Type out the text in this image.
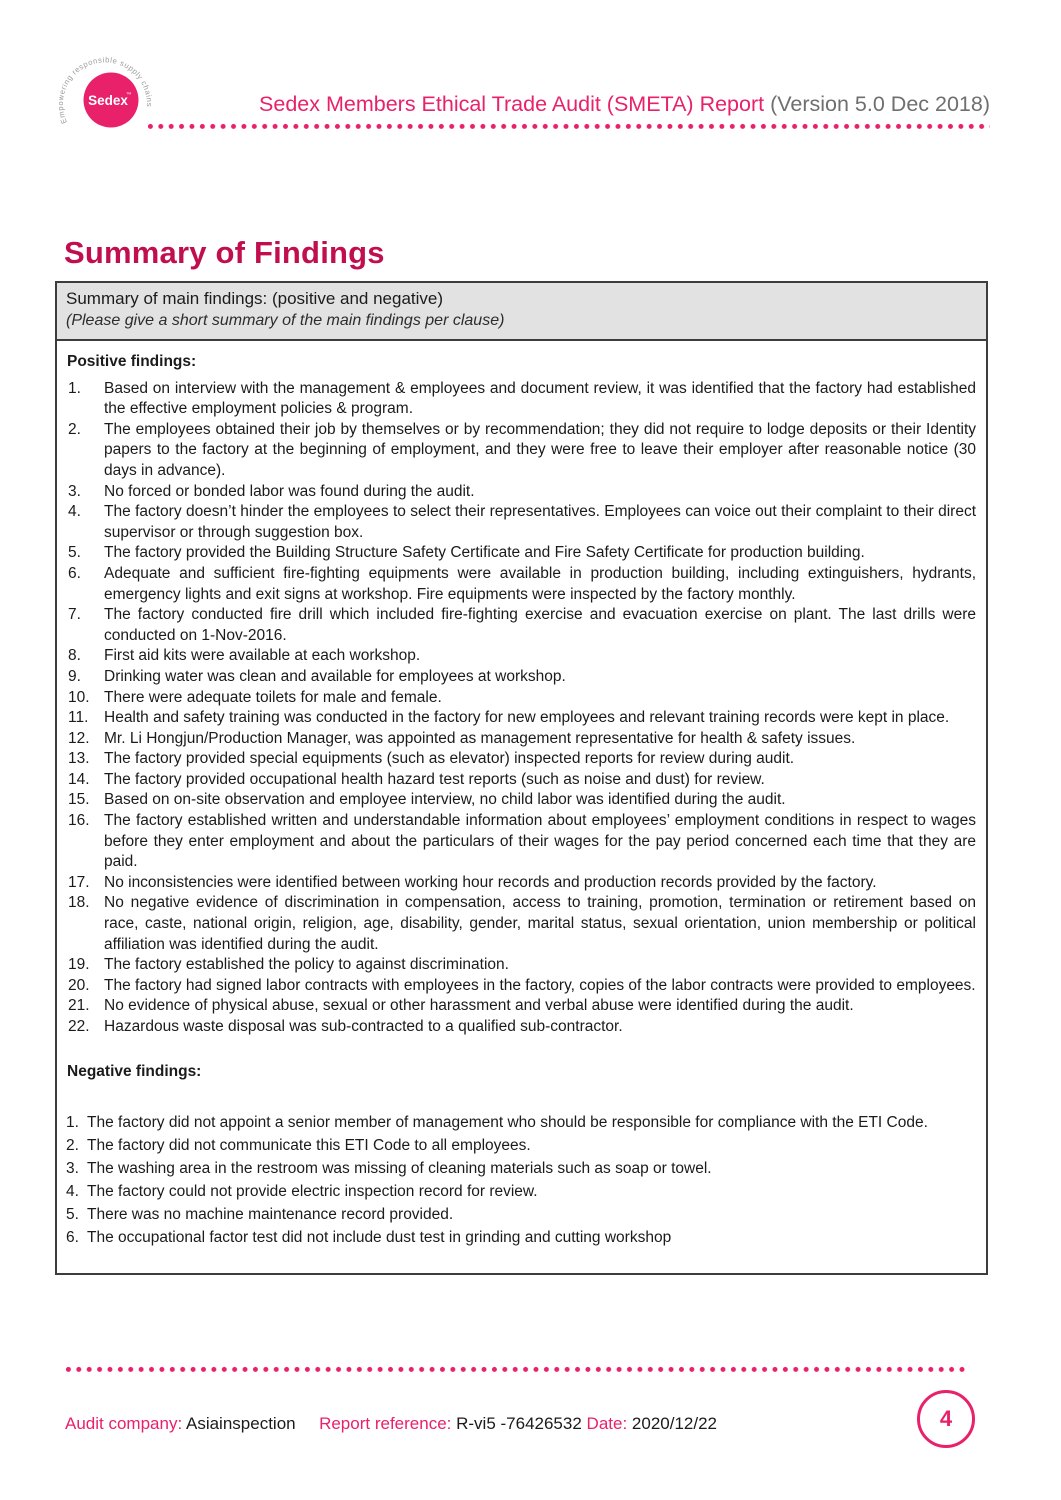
Empowering responsible supply chains
Sedex
™	Sedex Members Ethical Trade Audit (SMETA) Report (Version 5.0 Dec 2018)
Summary of Findings
Summary of main findings: (positive and negative)
(Please give a short summary of the main findings per clause)
Positive findings:
Based on interview with the management & employees and document review, it was identified that the factory had established the effective employment policies & program.
The employees obtained their job by themselves or by recommendation; they did not require to lodge deposits or their Identity papers to the factory at the beginning of employment, and they were free to leave their employer after reasonable notice (30 days in advance).
No forced or bonded labor was found during the audit.
The factory doesn’t hinder the employees to select their representatives. Employees can voice out their complaint to their direct supervisor or through suggestion box.
The factory provided the Building Structure Safety Certificate and Fire Safety Certificate for production building.
Adequate and sufficient fire-fighting equipments were available in production building, including extinguishers, hydrants, emergency lights and exit signs at workshop. Fire equipments were inspected by the factory monthly.
The factory conducted fire drill which included fire-fighting exercise and evacuation exercise on plant. The last drills were conducted on 1-Nov-2016.
First aid kits were available at each workshop.
Drinking water was clean and available for employees at workshop.
There were adequate toilets for male and female.
Health and safety training was conducted in the factory for new employees and relevant training records were kept in place.
Mr. Li Hongjun/Production Manager, was appointed as management representative for health & safety issues.
The factory provided special equipments (such as elevator) inspected reports for review during audit.
The factory provided occupational health hazard test reports (such as noise and dust) for review.
Based on on-site observation and employee interview, no child labor was identified during the audit.
The factory established written and understandable information about employees’ employment conditions in respect to wages before they enter employment and about the particulars of their wages for the pay period concerned each time that they are paid.
No inconsistencies were identified between working hour records and production records provided by the factory.
No negative evidence of discrimination in compensation, access to training, promotion, termination or retirement based on race, caste, national origin, religion, age, disability, gender, marital status, sexual orientation, union membership or political affiliation was identified during the audit.
The factory established the policy to against discrimination.
The factory had signed labor contracts with employees in the factory, copies of the labor contracts were provided to employees.
No evidence of physical abuse, sexual or other harassment and verbal abuse were identified during the audit.
Hazardous waste disposal was sub-contracted to a qualified sub-contractor.
Negative findings:
The factory did not appoint a senior member of management who should be responsible for compliance with the ETI Code.
The factory did not communicate this ETI Code to all employees.
The washing area in the restroom was missing of cleaning materials such as soap or towel.
The factory could not provide electric inspection record for review.
There was no machine maintenance record provided.
The occupational factor test did not include dust test in grinding and cutting workshop
Audit company: Asiainspection Report reference: R-vi5 -76426532 Date: 2020/12/22	4
